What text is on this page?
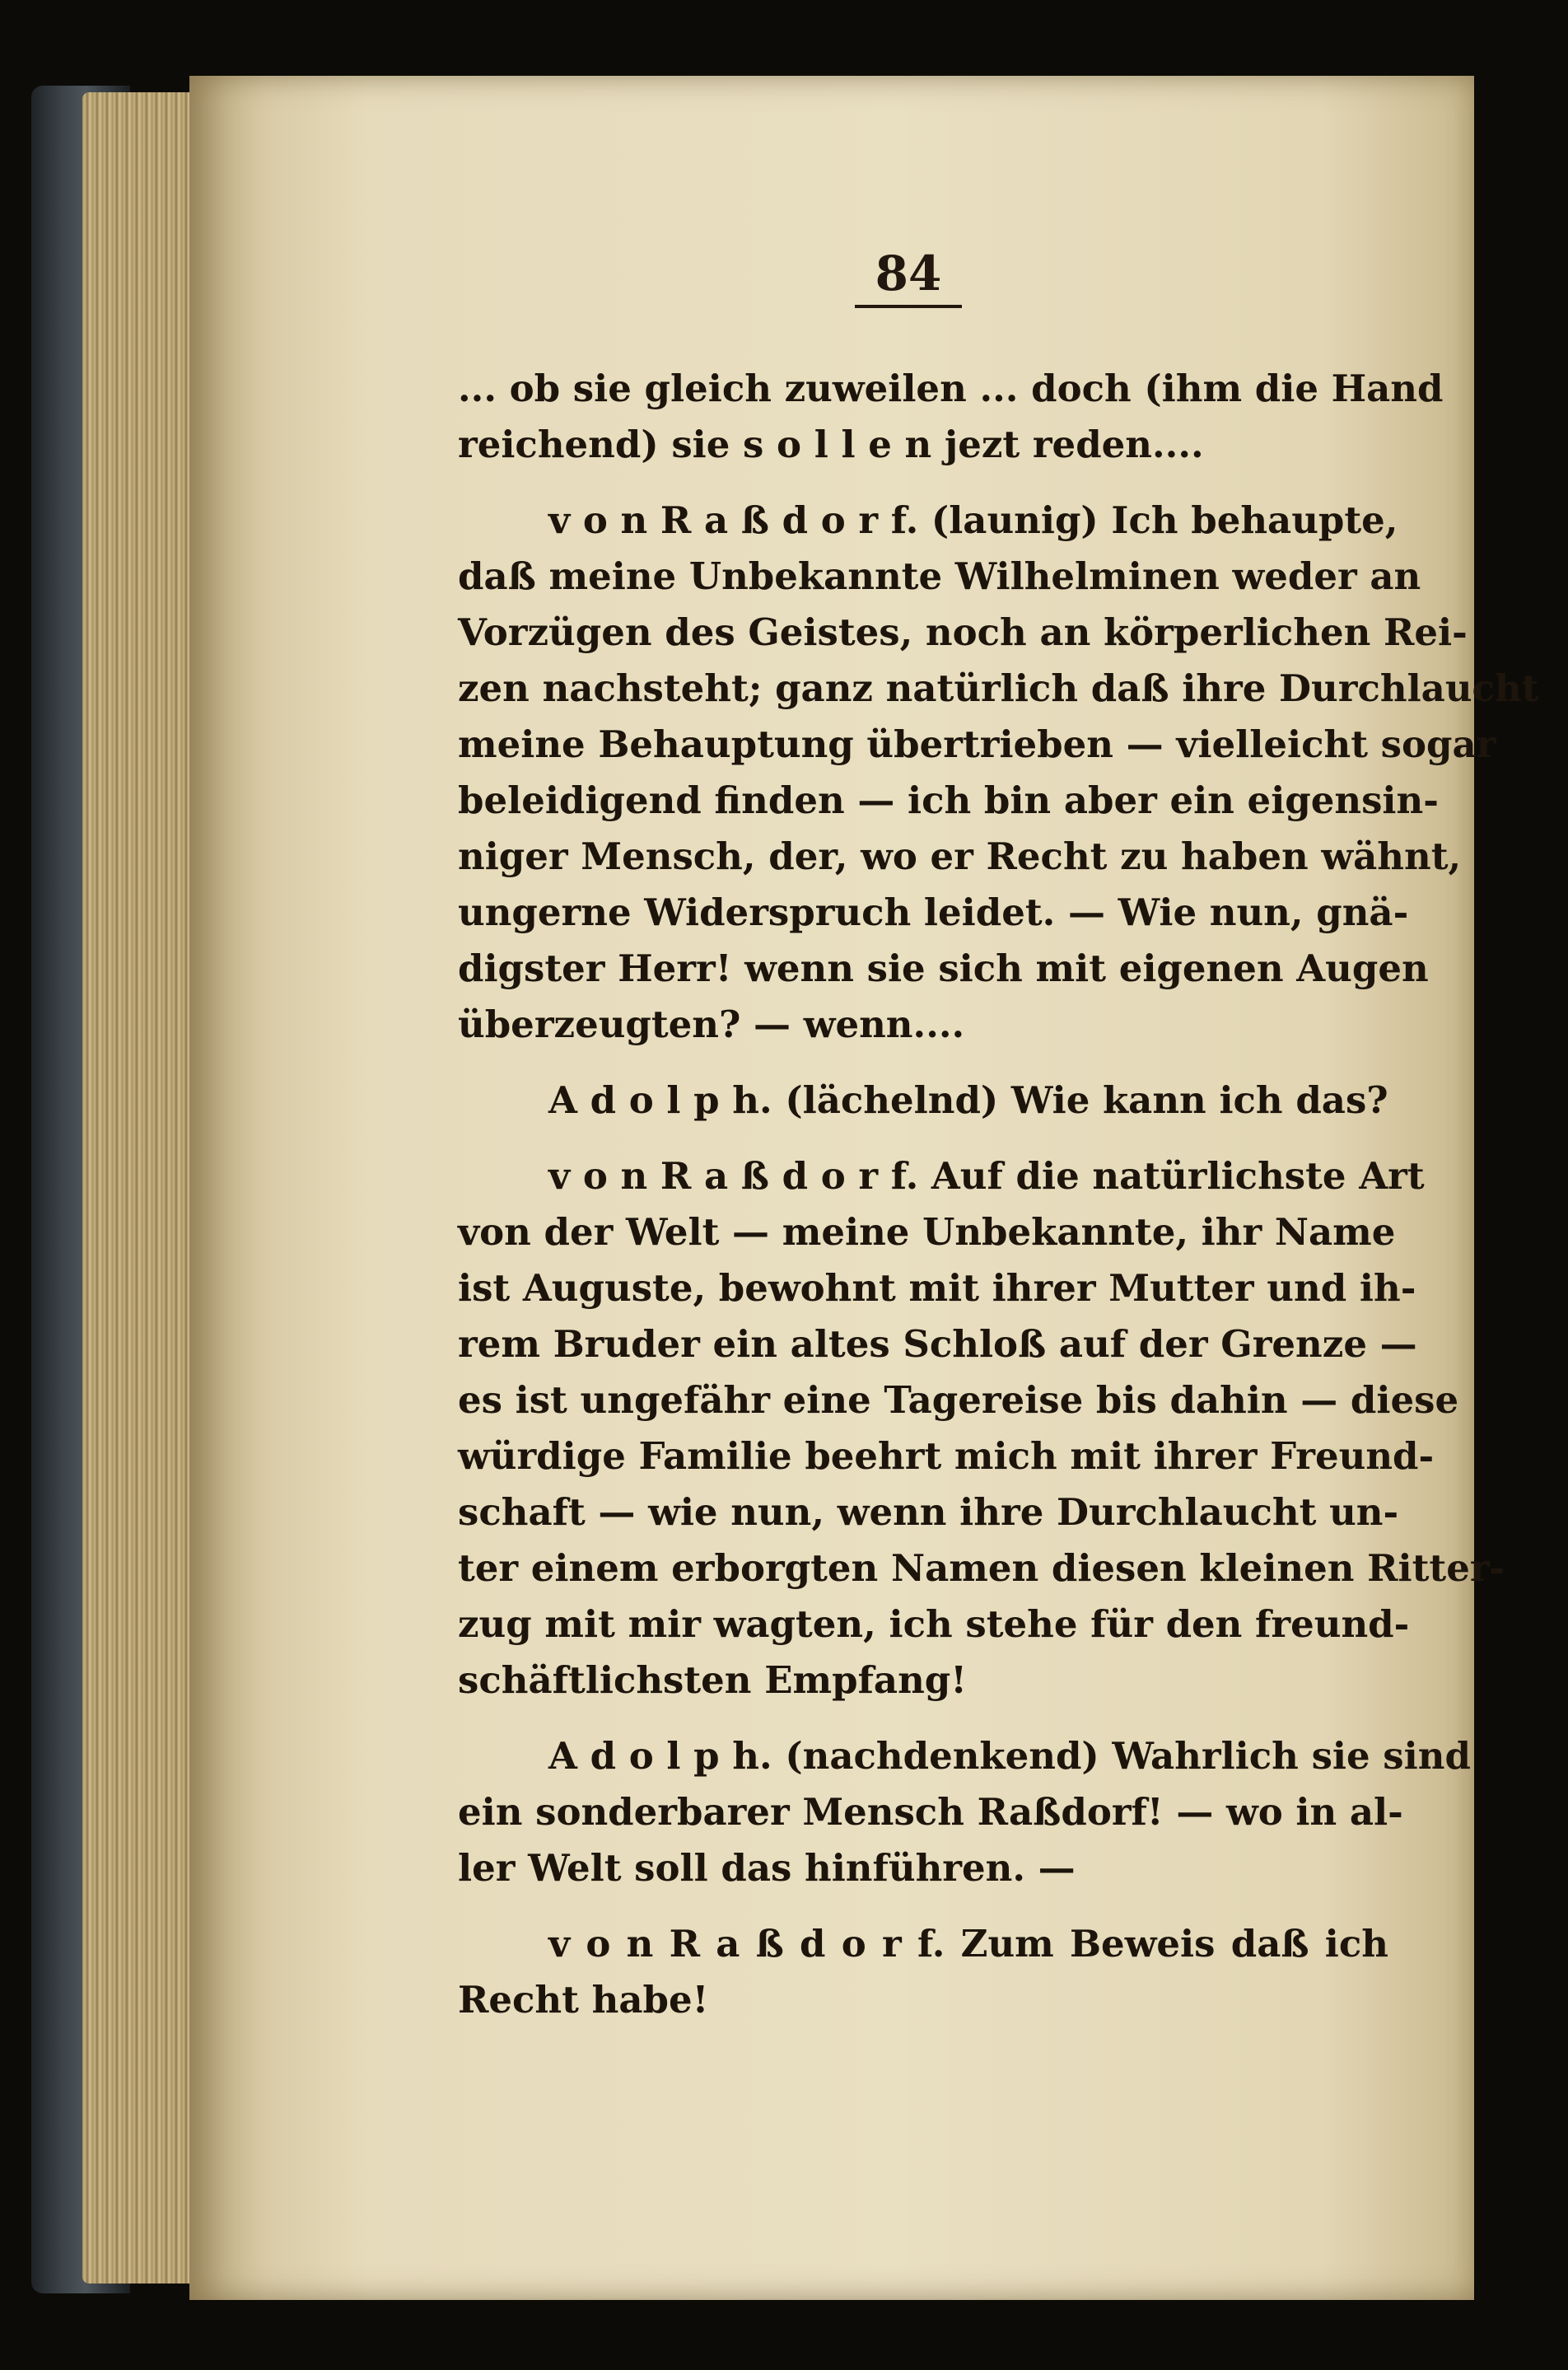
84
... ob sie gleich zuweilen ... doch (ihm die Hand
reichend) sie s o l l e n jezt reden....
v o n R a ß d o r f. (launig) Ich behaupte,
daß meine Unbekannte Wilhelminen weder an
Vorzügen des Geistes, noch an körperlichen Rei-
zen nachsteht; ganz natürlich daß ihre Durchlaucht
meine Behauptung übertrieben — vielleicht sogar
beleidigend finden — ich bin aber ein eigensin-
niger Mensch, der, wo er Recht zu haben wähnt,
ungerne Widerspruch leidet. — Wie nun, gnä-
digster Herr! wenn sie sich mit eigenen Augen
überzeugten? — wenn....
A d o l p h. (lächelnd) Wie kann ich das?
v o n R a ß d o r f. Auf die natürlichste Art
von der Welt — meine Unbekannte, ihr Name
ist Auguste, bewohnt mit ihrer Mutter und ih-
rem Bruder ein altes Schloß auf der Grenze —
es ist ungefähr eine Tagereise bis dahin — diese
würdige Familie beehrt mich mit ihrer Freund-
schaft — wie nun, wenn ihre Durchlaucht un-
ter einem erborgten Namen diesen kleinen Ritter-
zug mit mir wagten, ich stehe für den freund-
schäftlichsten Empfang!
A d o l p h. (nachdenkend) Wahrlich sie sind
ein sonderbarer Mensch Raßdorf! — wo in al-
ler Welt soll das hinführen. —
v o n R a ß d o r f. Zum Beweis daß ich
Recht habe!
